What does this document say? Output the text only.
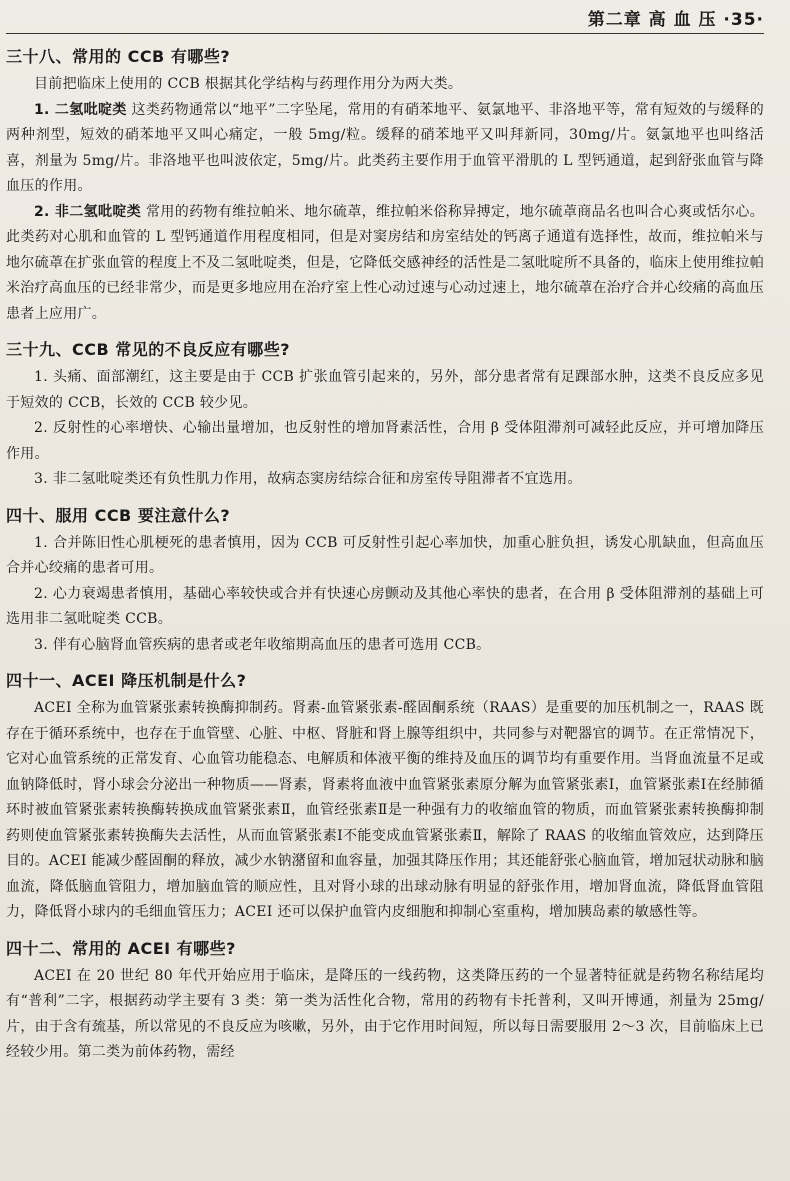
第二章 高 血 压 ·35·
三十八、常用的 CCB 有哪些?

目前把临床上使用的 CCB 根据其化学结构与药理作用分为两大类。

1. 二氢吡啶类 这类药物通常以“地平”二字坠尾，常用的有硝苯地平、氨氯地平、非洛地平等，常有短效的与缓释的两种剂型，短效的硝苯地平又叫心痛定，一般 5mg/粒。缓释的硝苯地平又叫拜新同，30mg/片。氨氯地平也叫络活喜，剂量为 5mg/片。非洛地平也叫波依定，5mg/片。此类药主要作用于血管平滑肌的 L 型钙通道，起到舒张血管与降血压的作用。

2. 非二氢吡啶类 常用的药物有维拉帕米、地尔硫䓬，维拉帕米俗称异搏定，地尔硫䓬商品名也叫合心爽或恬尔心。此类药对心肌和血管的 L 型钙通道作用程度相同，但是对窦房结和房室结处的钙离子通道有选择性，故而，维拉帕米与地尔硫䓬在扩张血管的程度上不及二氢吡啶类，但是，它降低交感神经的活性是二氢吡啶所不具备的，临床上使用维拉帕米治疗高血压的已经非常少，而是更多地应用在治疗室上性心动过速与心动过速上，地尔硫䓬在治疗合并心绞痛的高血压患者上应用广。

三十九、CCB 常见的不良反应有哪些?

1. 头痛、面部潮红，这主要是由于 CCB 扩张血管引起来的，另外，部分患者常有足踝部水肿，这类不良反应多见于短效的 CCB，长效的 CCB 较少见。

2. 反射性的心率增快、心输出量增加，也反射性的增加肾素活性，合用 β 受体阻滞剂可减轻此反应，并可增加降压作用。

3. 非二氢吡啶类还有负性肌力作用，故病态窦房结综合征和房室传导阻滞者不宜选用。

四十、服用 CCB 要注意什么?

1. 合并陈旧性心肌梗死的患者慎用，因为 CCB 可反射性引起心率加快，加重心脏负担，诱发心肌缺血，但高血压合并心绞痛的患者可用。

2. 心力衰竭患者慎用，基础心率较快或合并有快速心房颤动及其他心率快的患者，在合用 β 受体阻滞剂的基础上可选用非二氢吡啶类 CCB。

3. 伴有心脑肾血管疾病的患者或老年收缩期高血压的患者可选用 CCB。

四十一、ACEI 降压机制是什么?

ACEI 全称为血管紧张素转换酶抑制药。肾素-血管紧张素-醛固酮系统（RAAS）是重要的加压机制之一，RAAS 既存在于循环系统中，也存在于血管壁、心脏、中枢、肾脏和肾上腺等组织中，共同参与对靶器官的调节。在正常情况下，它对心血管系统的正常发育、心血管功能稳态、电解质和体液平衡的维持及血压的调节均有重要作用。当肾血流量不足或血钠降低时，肾小球会分泌出一种物质——肾素，肾素将血液中血管紧张素原分解为血管紧张素Ⅰ，血管紧张素Ⅰ在经肺循环时被血管紧张素转换酶转换成血管紧张素Ⅱ，血管经张素Ⅱ是一种强有力的收缩血管的物质，而血管紧张素转换酶抑制药则使血管紧张素转换酶失去活性，从而血管紧张素Ⅰ不能变成血管紧张素Ⅱ，解除了 RAAS 的收缩血管效应，达到降压目的。ACEI 能减少醛固酮的释放，减少水钠潴留和血容量，加强其降压作用；其还能舒张心脑血管，增加冠状动脉和脑血流，降低脑血管阻力，增加脑血管的顺应性，且对肾小球的出球动脉有明显的舒张作用，增加肾血流，降低肾血管阻力，降低肾小球内的毛细血管压力；ACEI 还可以保护血管内皮细胞和抑制心室重构，增加胰岛素的敏感性等。

四十二、常用的 ACEI 有哪些?

ACEI 在 20 世纪 80 年代开始应用于临床，是降压的一线药物，这类降压药的一个显著特征就是药物名称结尾均有“普利”二字，根据药动学主要有 3 类：第一类为活性化合物，常用的药物有卡托普利，又叫开博通，剂量为 25mg/片，由于含有巯基，所以常见的不良反应为咳嗽，另外，由于它作用时间短，所以每日需要服用 2～3 次，目前临床上已经较少用。第二类为前体药物，需经
